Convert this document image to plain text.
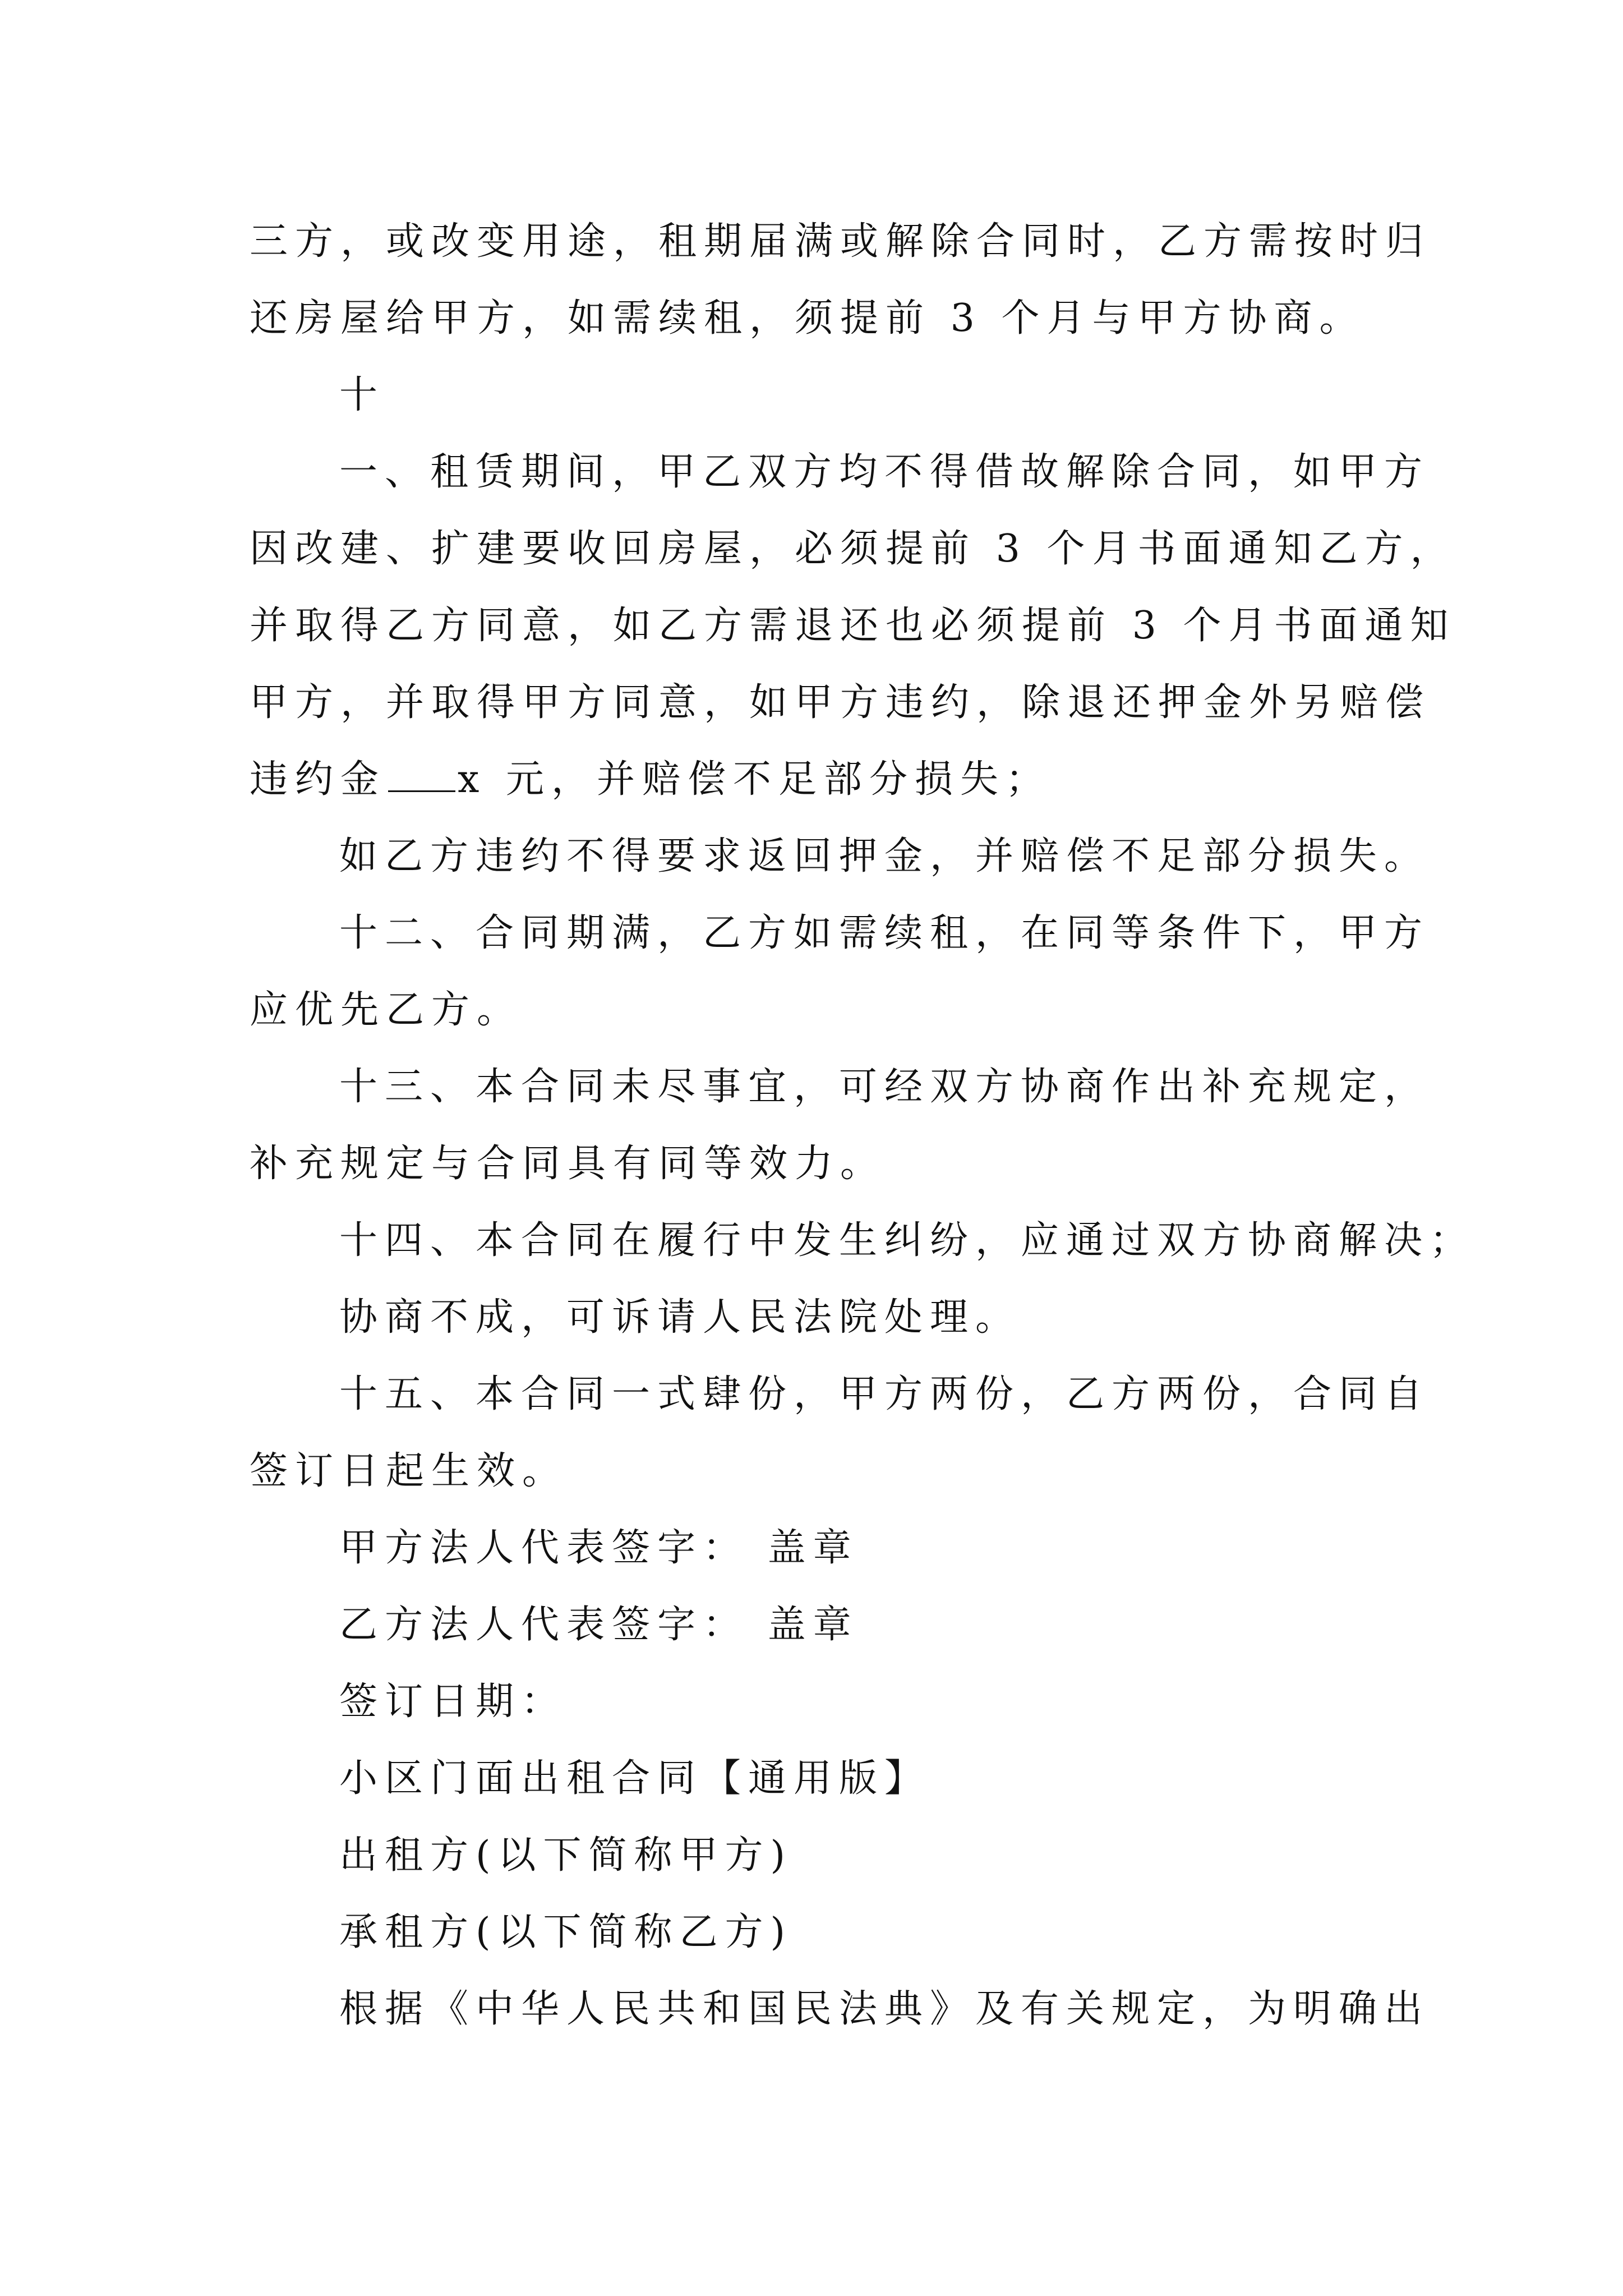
三方，或改变用途，租期届满或解除合同时，乙方需按时归
还房屋给甲方，如需续租，须提前 3 个月与甲方协商。
十
一、租赁期间，甲乙双方均不得借故解除合同，如甲方
因改建、扩建要收回房屋，必须提前 3 个月书面通知乙方，
并取得乙方同意，如乙方需退还也必须提前 3 个月书面通知
甲方，并取得甲方同意，如甲方违约，除退还押金外另赔偿
违约金 x 元，并赔偿不足部分损失；
如乙方违约不得要求返回押金，并赔偿不足部分损失。
十二、合同期满，乙方如需续租，在同等条件下，甲方
应优先乙方。
十三、本合同未尽事宜，可经双方协商作出补充规定，
补充规定与合同具有同等效力。
十四、本合同在履行中发生纠纷，应通过双方协商解决；
协商不成，可诉请人民法院处理。
十五、本合同一式肆份，甲方两份，乙方两份，合同自
签订日起生效。
甲方法人代表签字： 盖章
乙方法人代表签字： 盖章
签订日期：
小区门面出租合同【通用版】
出租方(以下简称甲方)
承租方(以下简称乙方)
根据《中华人民共和国民法典》及有关规定，为明确出
